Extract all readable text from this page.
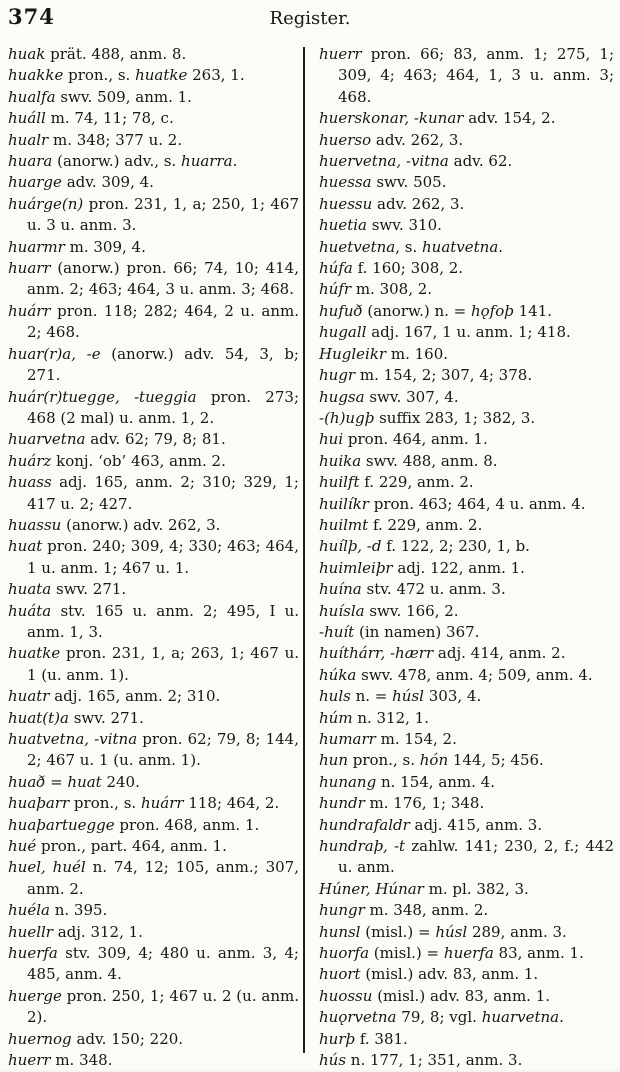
374	Register.

huak prät. 488, anm. 8.

huakke pron., s. huatke 263, 1.

hualfa swv. 509, anm. 1.

huáll m. 74, 11; 78, c.

hualr m. 348; 377 u. 2.

huara (anorw.) adv., s. huarra.

huarge adv. 309, 4.

huárge(n) pron. 231, 1, a; 250, 1; 467 u. 3 u. anm. 3.

huarmr m. 309, 4.

huarr (anorw.) pron. 66; 74, 10; 414, anm. 2; 463; 464, 3 u. anm. 3; 468.

huárr pron. 118; 282; 464, 2 u. anm. 2; 468.

huar(r)a, -e (anorw.) adv. 54, 3, b; 271.

huár(r)tuegge, -tueggia pron. 273; 468 (2 mal) u. anm. 1, 2.

huarvetna adv. 62; 79, 8; 81.

huárz konj. ‘ob’ 463, anm. 2.

huass adj. 165, anm. 2; 310; 329, 1; 417 u. 2; 427.

huassu (anorw.) adv. 262, 3.

huat pron. 240; 309, 4; 330; 463; 464, 1 u. anm. 1; 467 u. 1.

huata swv. 271.

huáta stv. 165 u. anm. 2; 495, I u. anm. 1, 3.

huatke pron. 231, 1, a; 263, 1; 467 u. 1 (u. anm. 1).

huatr adj. 165, anm. 2; 310.

huat(t)a swv. 271.

huatvetna, -vitna pron. 62; 79, 8; 144, 2; 467 u. 1 (u. anm. 1).

huað = huat 240.

huaþarr pron., s. huárr 118; 464, 2.

huaþartuegge pron. 468, anm. 1.

hué pron., part. 464, anm. 1.

huel, huél n. 74, 12; 105, anm.; 307, anm. 2.

huéla n. 395.

huellr adj. 312, 1.

huerfa stv. 309, 4; 480 u. anm. 3, 4; 485, anm. 4.

huerge pron. 250, 1; 467 u. 2 (u. anm. 2).

huernog adv. 150; 220.

huerr m. 348.

huerr pron. 66; 83, anm. 1; 275, 1; 309, 4; 463; 464, 1, 3 u. anm. 3; 468.

huerskonar, -kunar adv. 154, 2.

huerso adv. 262, 3.

huervetna, -vitna adv. 62.

huessa swv. 505.

huessu adv. 262, 3.

huetia swv. 310.

huetvetna, s. huatvetna.

húfa f. 160; 308, 2.

húfr m. 308, 2.

hufuð (anorw.) n. = hǫfoþ 141.

hugall adj. 167, 1 u. anm. 1; 418.

Hugleikr m. 160.

hugr m. 154, 2; 307, 4; 378.

hugsa swv. 307, 4.

-(h)ugþ suffix 283, 1; 382, 3.

hui pron. 464, anm. 1.

huika swv. 488, anm. 8.

huilft f. 229, anm. 2.

huilíkr pron. 463; 464, 4 u. anm. 4.

huilmt f. 229, anm. 2.

huílþ, -d f. 122, 2; 230, 1, b.

huimleiþr adj. 122, anm. 1.

huína stv. 472 u. anm. 3.

huísla swv. 166, 2.

-huít (in namen) 367.

huíthárr, -hærr adj. 414, anm. 2.

húka swv. 478, anm. 4; 509, anm. 4.

huls n. = húsl 303, 4.

húm n. 312, 1.

humarr m. 154, 2.

hun pron., s. hón 144, 5; 456.

hunang n. 154, anm. 4.

hundr m. 176, 1; 348.

hundrafaldr adj. 415, anm. 3.

hundraþ, -t zahlw. 141; 230, 2, f.; 442 u. anm.

Húner, Húnar m. pl. 382, 3.

hungr m. 348, anm. 2.

hunsl (misl.) = húsl 289, anm. 3.

huorfa (misl.) = huerfa 83, anm. 1.

huort (misl.) adv. 83, anm. 1.

huossu (misl.) adv. 83, anm. 1.

huǫrvetna 79, 8; vgl. huarvetna.

hurþ f. 381.

hús n. 177, 1; 351, anm. 3.
